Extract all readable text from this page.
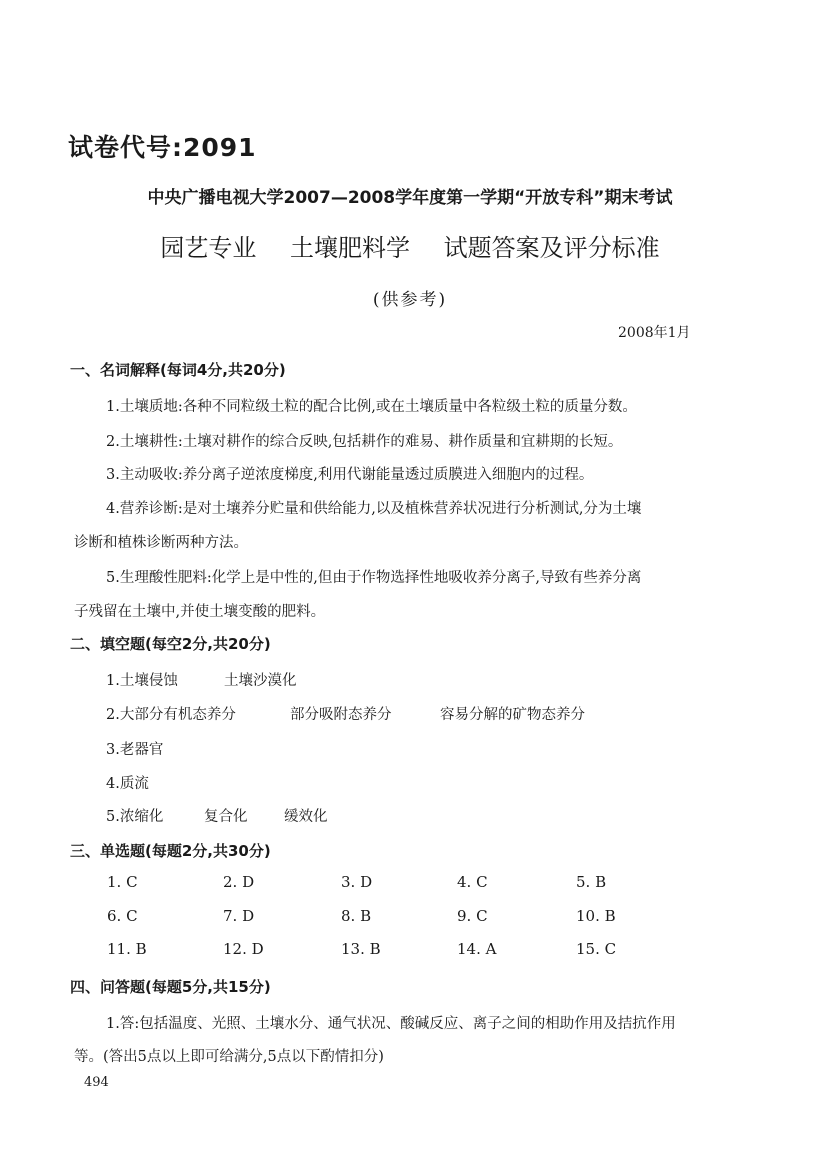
试卷代号:2091
中央广播电视大学2007—2008学年度第一学期“开放专科”期末考试
园艺专业 土壤肥料学 试题答案及评分标准
(供参考)
2008年1月
一、名词解释(每词4分,共20分)
1.土壤质地:各种不同粒级土粒的配合比例,或在土壤质量中各粒级土粒的质量分数。
2.土壤耕性:土壤对耕作的综合反映,包括耕作的难易、耕作质量和宜耕期的长短。
3.主动吸收:养分离子逆浓度梯度,利用代谢能量透过质膜进入细胞内的过程。
4.营养诊断:是对土壤养分贮量和供给能力,以及植株营养状况进行分析测试,分为土壤
诊断和植株诊断两种方法。
5.生理酸性肥料:化学上是中性的,但由于作物选择性地吸收养分离子,导致有些养分离
子残留在土壤中,并使土壤变酸的肥料。
二、填空题(每空2分,共20分)
1.土壤侵蚀	土壤沙漠化
2.大部分有机态养分	部分吸附态养分	容易分解的矿物态养分
3.老器官
4.质流
5.浓缩化	复合化	缓效化
三、单选题(每题2分,共30分)
1. C	2. D	3. D	4. C	5. B
6. C	7. D	8. B	9. C	10. B
11. B	12. D	13. B	14. A	15. C
四、问答题(每题5分,共15分)
1.答:包括温度、光照、土壤水分、通气状况、酸碱反应、离子之间的相助作用及拮抗作用
等。(答出5点以上即可给满分,5点以下酌情扣分)
494
